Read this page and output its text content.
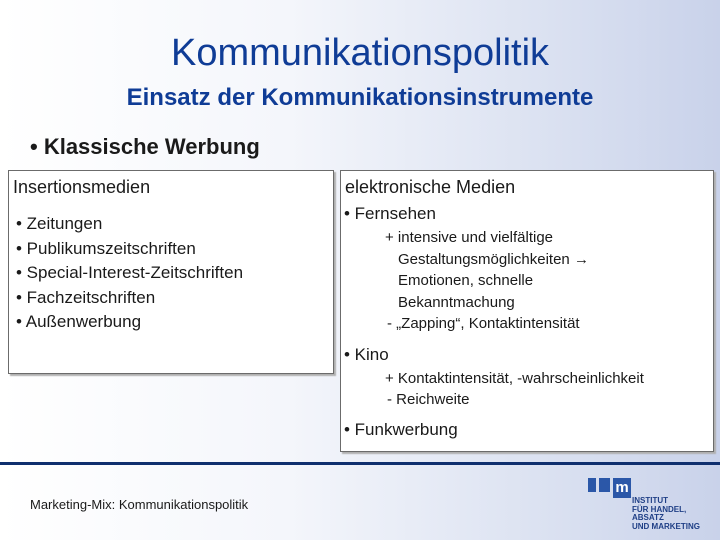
Kommunikationspolitik
Einsatz der Kommunikationsinstrumente
• Klassische Werbung
Insertionsmedien
• Zeitungen
• Publikumszeitschriften
• Special-Interest-Zeitschriften
• Fachzeitschriften
• Außenwerbung
elektronische Medien
• Fernsehen
+ intensive und vielfältige
Gestaltungsmöglichkeiten →
Emotionen, schnelle
Bekanntmachung
- „Zapping“, Kontaktintensität
• Kino
+ Kontaktintensität, -wahrscheinlichkeit
- Reichweite
• Funkwerbung
Marketing-Mix: Kommunikationspolitik
m
INSTITUT
FÜR HANDEL, ABSATZ
UND MARKETING
